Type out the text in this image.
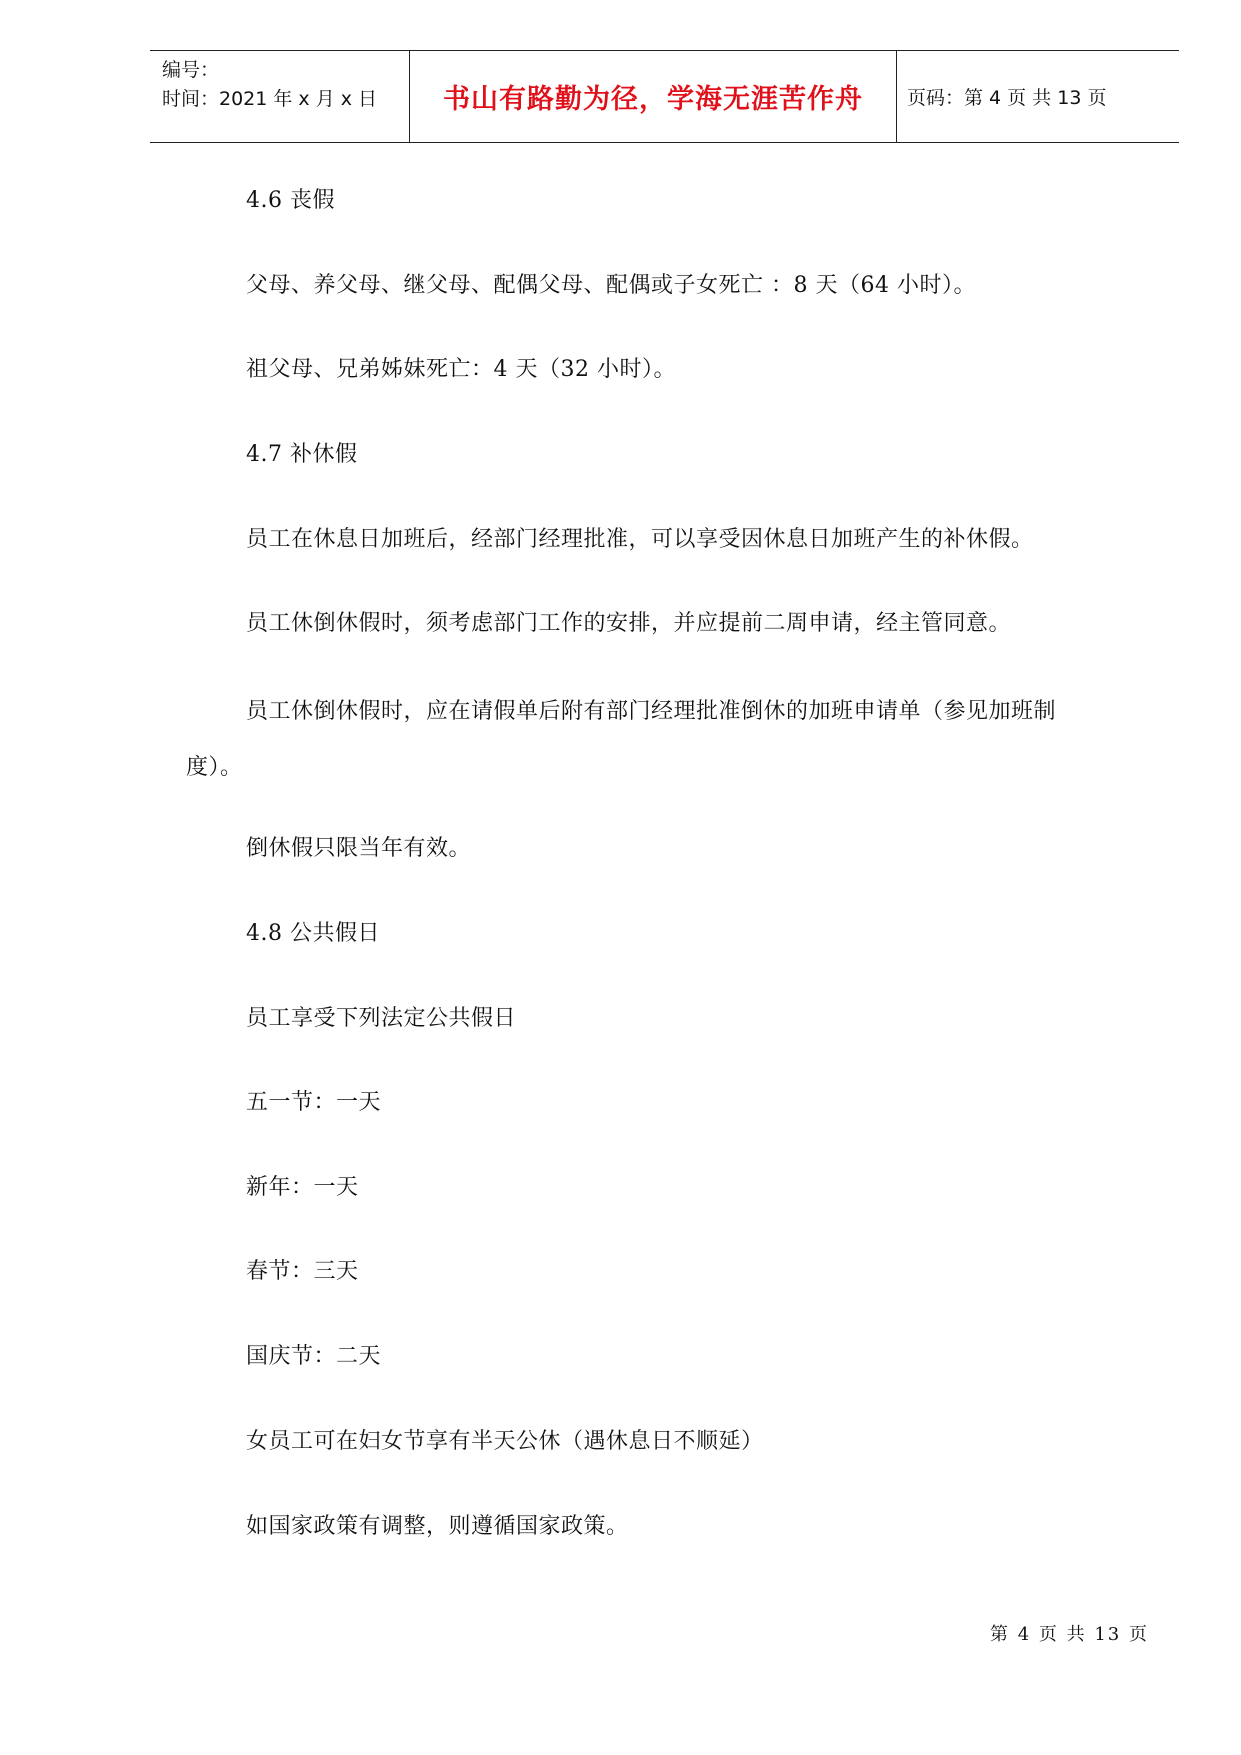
编号：
时间：2021 年 x 月 x 日 书山有路勤为径，学海无涯苦作舟 页码：第 4 页 共 13 页
4.6 丧假
父母、养父母、继父母、配偶父母、配偶或子女死亡 ：8 天（64 小时）。
祖父母、兄弟姊妹死亡：4 天（32 小时）。
4.7 补休假
员工在休息日加班后，经部门经理批准，可以享受因休息日加班产生的补休假。
员工休倒休假时，须考虑部门工作的安排，并应提前二周申请，经主管同意。
员工休倒休假时，应在请假单后附有部门经理批准倒休的加班申请单（参见加班制度）。
倒休假只限当年有效。
4.8 公共假日
员工享受下列法定公共假日
五一节：一天
新年：一天
春节：三天
国庆节：二天
女员工可在妇女节享有半天公休（遇休息日不顺延）
如国家政策有调整，则遵循国家政策。
第 4 页 共 13 页
